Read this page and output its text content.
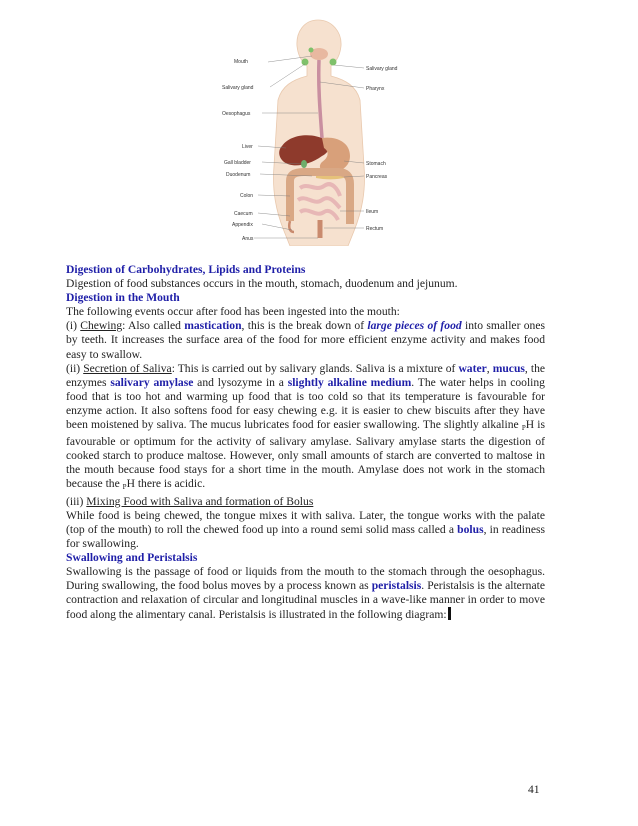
Mouth
Salivary gland
Oesophagus
Liver
Gall bladder
Duodenum
Colon
Caecum
Appendix
Anus
Salivary gland
Pharynx
Stomach
Pancreas
Ileum
Rectum

Digestion of Carbohydrates, Lipids and Proteins

Digestion of food substances occurs in the mouth, stomach, duodenum and jejunum.

Digestion in the Mouth

The following events occur after food has been ingested into the mouth:

(i) Chewing: Also called mastication, this is the break down of large pieces of food into smaller ones by teeth. It increases the surface area of the food for more efficient enzyme activity and makes food easy to swallow.

(ii) Secretion of Saliva: This is carried out by salivary glands. Saliva is a mixture of water, mucus, the enzymes salivary amylase and lysozyme in a slightly alkaline medium. The water helps in cooling food that is too hot and warming up food that is too cold so that its temperature is favourable for enzyme action. It also softens food for easy chewing e.g. it is easier to chew biscuits after they have been moistened by saliva. The mucus lubricates food for easier swallowing. The slightly alkaline $_P$H is favourable or optimum for the activity of salivary amylase. Salivary amylase starts the digestion of cooked starch to produce maltose. However, only small amounts of starch are converted to maltose in the mouth because food stays for a short time in the mouth. Amylase does not work in the stomach because the $_P$H there is acidic.

(iii) Mixing Food with Saliva and formation of Bolus

While food is being chewed, the tongue mixes it with saliva. Later, the tongue works with the palate (top of the mouth) to roll the chewed food up into a round semi solid mass called a bolus, in readiness for swallowing.

Swallowing and Peristalsis

Swallowing is the passage of food or liquids from the mouth to the stomach through the oesophagus. During swallowing, the food bolus moves by a process known as peristalsis. Peristalsis is the alternate contraction and relaxation of circular and longitudinal muscles in a wave-like manner in order to move food along the alimentary canal. Peristalsis is illustrated in the following diagram:

41
